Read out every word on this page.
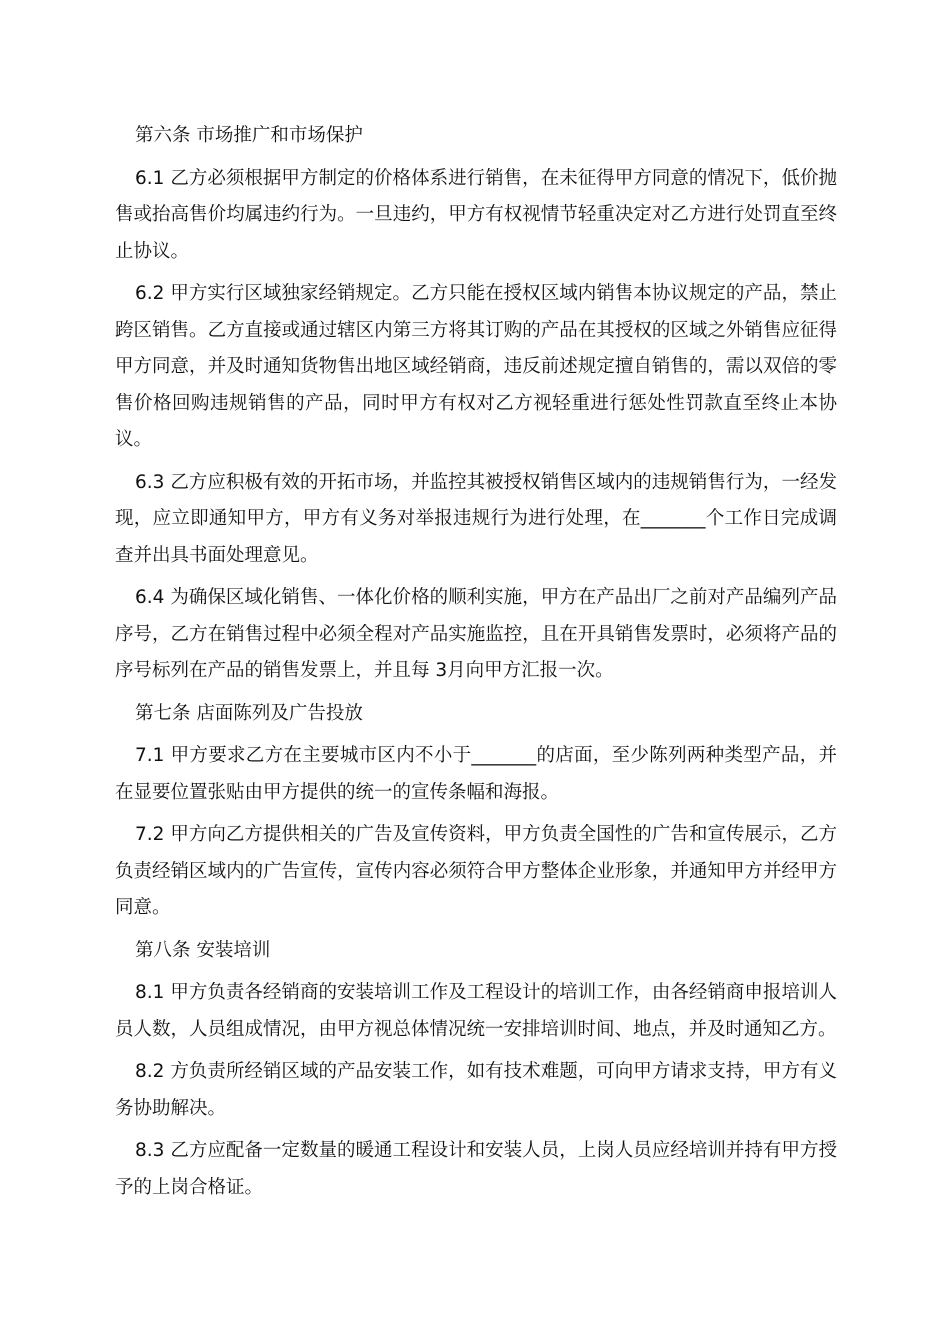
第六条 市场推广和市场保护

6.1 乙方必须根据甲方制定的价格体系进行销售，在未征得甲方同意的情况下，低价抛售或抬高售价均属违约行为。一旦违约，甲方有权视情节轻重决定对乙方进行处罚直至终止协议。

6.2 甲方实行区域独家经销规定。乙方只能在授权区域内销售本协议规定的产品，禁止跨区销售。乙方直接或通过辖区内第三方将其订购的产品在其授权的区域之外销售应征得甲方同意，并及时通知货物售出地区域经销商，违反前述规定擅自销售的，需以双倍的零售价格回购违规销售的产品，同时甲方有权对乙方视轻重进行惩处性罚款直至终止本协议。

6.3 乙方应积极有效的开拓市场，并监控其被授权销售区域内的违规销售行为，一经发现，应立即通知甲方，甲方有义务对举报违规行为进行处理，在_______个工作日完成调查并出具书面处理意见。

6.4 为确保区域化销售、一体化价格的顺利实施，甲方在产品出厂之前对产品编列产品序号，乙方在销售过程中必须全程对产品实施监控，且在开具销售发票时，必须将产品的序号标列在产品的销售发票上，并且每 3月向甲方汇报一次。

第七条 店面陈列及广告投放

7.1 甲方要求乙方在主要城市区内不小于_______的店面，至少陈列两种类型产品，并在显要位置张贴由甲方提供的统一的宣传条幅和海报。

7.2 甲方向乙方提供相关的广告及宣传资料，甲方负责全国性的广告和宣传展示，乙方负责经销区域内的广告宣传，宣传内容必须符合甲方整体企业形象，并通知甲方并经甲方同意。

第八条 安装培训

8.1 甲方负责各经销商的安装培训工作及工程设计的培训工作，由各经销商申报培训人员人数，人员组成情况，由甲方视总体情况统一安排培训时间、地点，并及时通知乙方。

8.2 方负责所经销区域的产品安装工作，如有技术难题，可向甲方请求支持，甲方有义务协助解决。

8.3 乙方应配备一定数量的暖通工程设计和安装人员，上岗人员应经培训并持有甲方授予的上岗合格证。
